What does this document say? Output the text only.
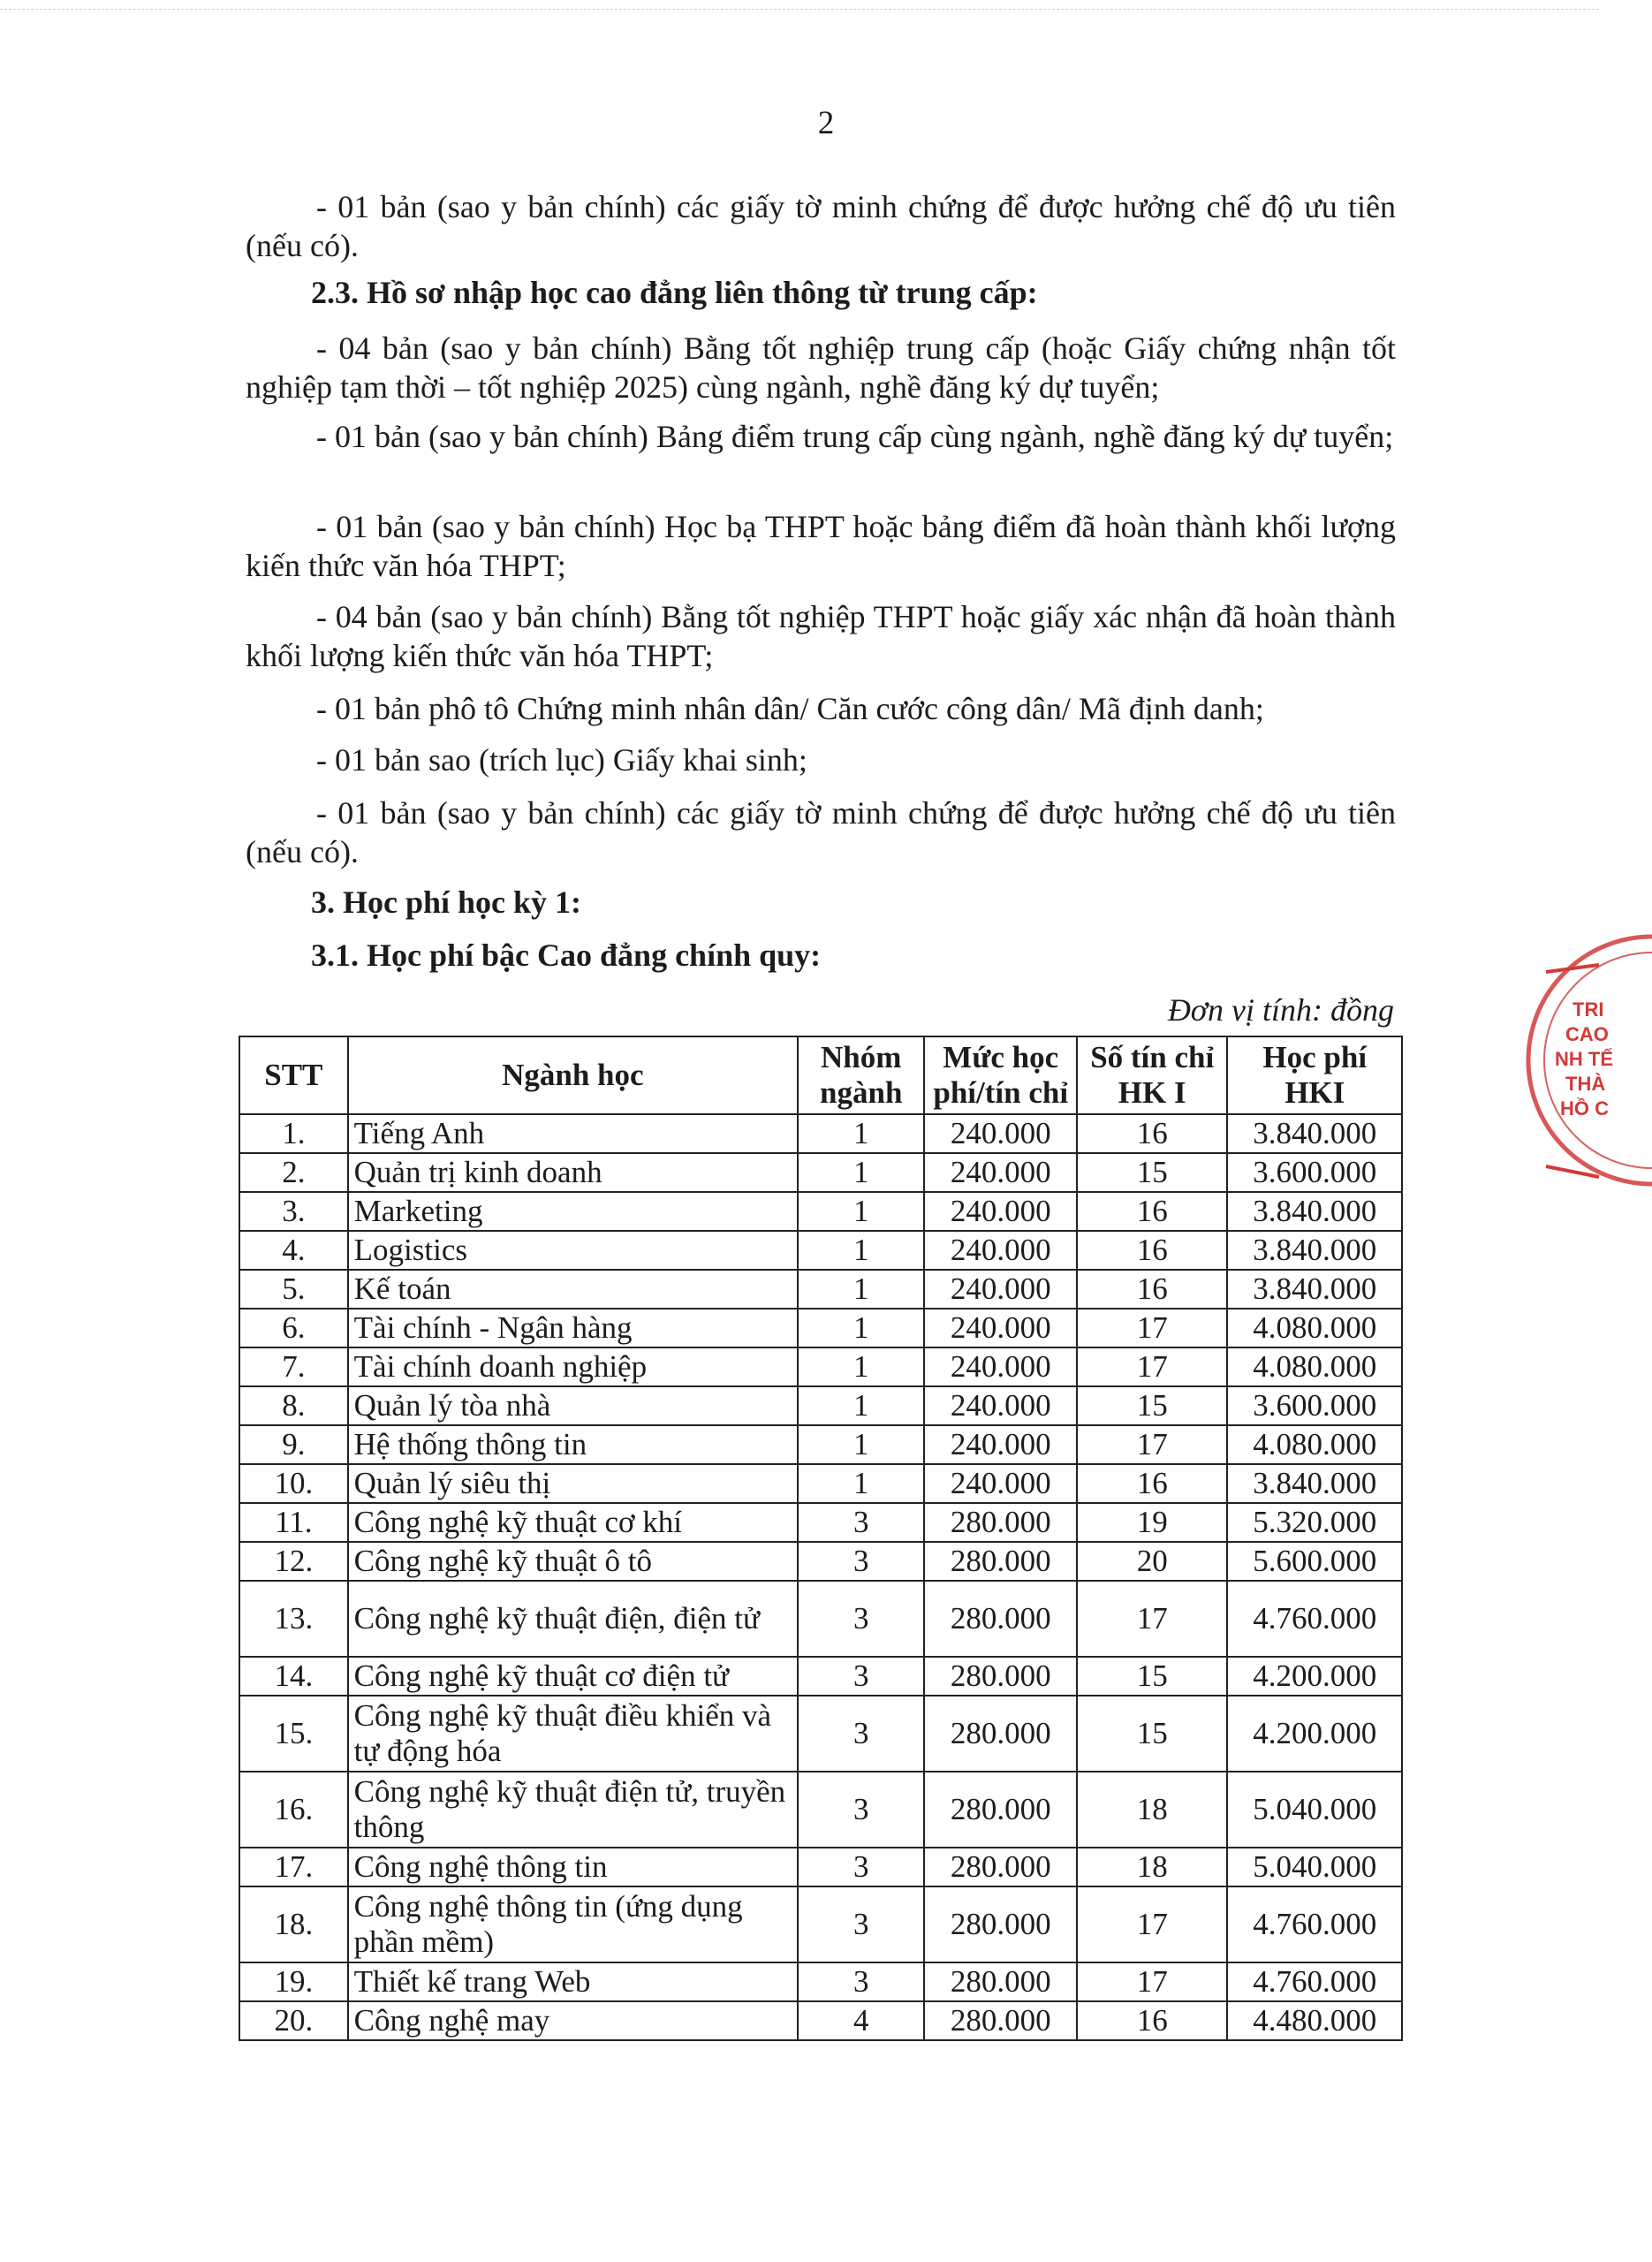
2
- 01 bản (sao y bản chính) các giấy tờ minh chứng để được hưởng chế độ ưu tiên (nếu có).
2.3. Hồ sơ nhập học cao đẳng liên thông từ trung cấp:
- 04 bản (sao y bản chính) Bằng tốt nghiệp trung cấp (hoặc Giấy chứng nhận tốt nghiệp tạm thời – tốt nghiệp 2025) cùng ngành, nghề đăng ký dự tuyển;
- 01 bản (sao y bản chính) Bảng điểm trung cấp cùng ngành, nghề đăng ký dự tuyển;
- 01 bản (sao y bản chính) Học bạ THPT hoặc bảng điểm đã hoàn thành khối lượng kiến thức văn hóa THPT;
- 04 bản (sao y bản chính) Bằng tốt nghiệp THPT hoặc giấy xác nhận đã hoàn thành khối lượng kiến thức văn hóa THPT;
- 01 bản phô tô Chứng minh nhân dân/ Căn cước công dân/ Mã định danh;
- 01 bản sao (trích lục) Giấy khai sinh;
- 01 bản (sao y bản chính) các giấy tờ minh chứng để được hưởng chế độ ưu tiên (nếu có).
3. Học phí học kỳ 1:
3.1. Học phí bậc Cao đẳng chính quy:
Đơn vị tính: đồng
STT	Ngành học	Nhóm ngành	Mức học phí/tín chỉ	Số tín chỉ HK I	Học phí HKI
1.	Tiếng Anh	1	240.000	16	3.840.000
2.	Quản trị kinh doanh	1	240.000	15	3.600.000
3.	Marketing	1	240.000	16	3.840.000
4.	Logistics	1	240.000	16	3.840.000
5.	Kế toán	1	240.000	16	3.840.000
6.	Tài chính - Ngân hàng	1	240.000	17	4.080.000
7.	Tài chính doanh nghiệp	1	240.000	17	4.080.000
8.	Quản lý tòa nhà	1	240.000	15	3.600.000
9.	Hệ thống thông tin	1	240.000	17	4.080.000
10.	Quản lý siêu thị	1	240.000	16	3.840.000
11.	Công nghệ kỹ thuật cơ khí	3	280.000	19	5.320.000
12.	Công nghệ kỹ thuật ô tô	3	280.000	20	5.600.000
13.	Công nghệ kỹ thuật điện, điện tử	3	280.000	17	4.760.000
14.	Công nghệ kỹ thuật cơ điện tử	3	280.000	15	4.200.000
15.	Công nghệ kỹ thuật điều khiển và tự động hóa	3	280.000	15	4.200.000
16.	Công nghệ kỹ thuật điện tử, truyền thông	3	280.000	18	5.040.000
17.	Công nghệ thông tin	3	280.000	18	5.040.000
18.	Công nghệ thông tin (ứng dụng phần mềm)	3	280.000	17	4.760.000
19.	Thiết kế trang Web	3	280.000	17	4.760.000
20.	Công nghệ may	4	280.000	16	4.480.000
TRI
CAO
NH TẾ
THÀ
HỒ C
